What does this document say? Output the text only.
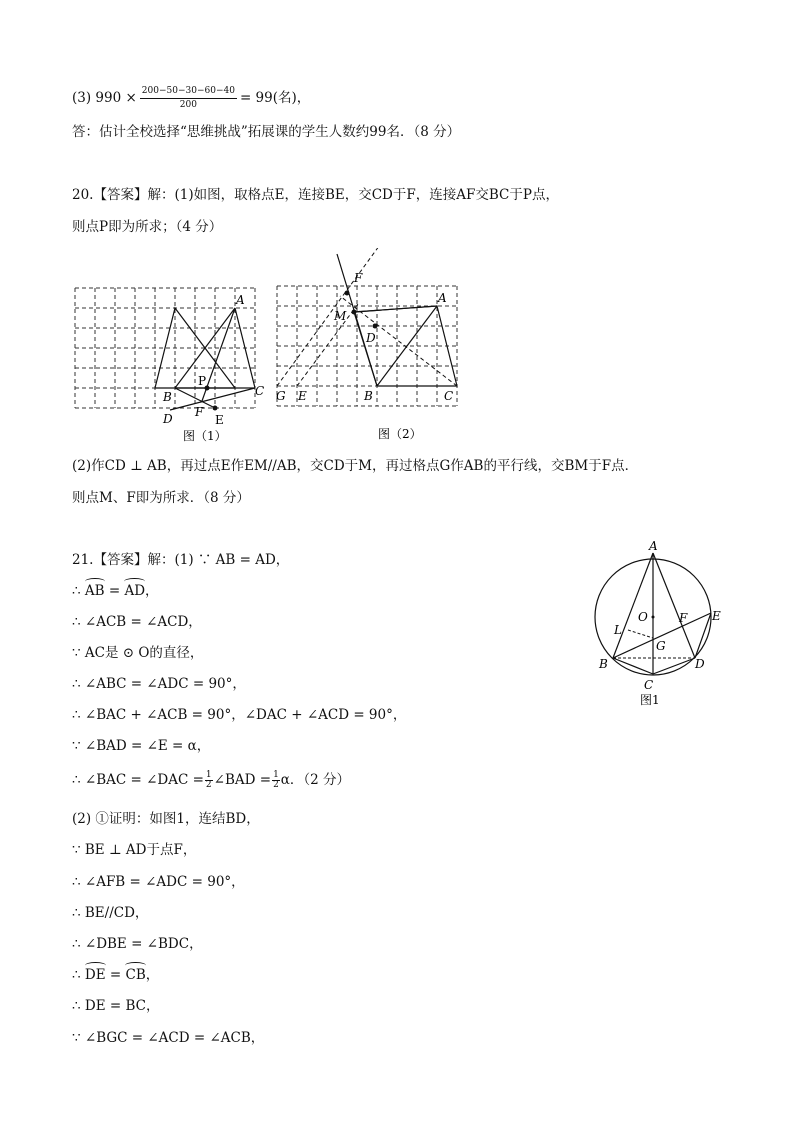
(3) $990 \times \frac{200-50-30-60-40}{200} = 99$(名)，
答：估计全校选择“思维挑战”拓展课的学生人数约99名．（8 分）
20.【答案】解：(1)如图，取格点E，连接BE，交CD于F，连接AF交BC于P点，
则点P即为所求；（4 分）
A
B	C
D	E
F
P
图（1）
A
B	C
D
E
F
G
M
图（2）
(2)作CD ⊥ AB，再过点E作EM//AB，交CD于M，再过格点G作AB的平行线，交BM于F点．
则点M、F即为所求．（8 分）
21.【答案】解：(1) ∵ AB = AD，
∴ AB = AD，
∴ ∠ACB = ∠ACD，
∵ AC是 ⊙ O的直径，
∴ ∠ABC = ∠ADC = 90°，
∴ ∠BAC + ∠ACB = 90°，∠DAC + ∠ACD = 90°，
∵ ∠BAD = ∠E = α，
∴ ∠BAC = ∠DAC = $\frac{1}{2}$ ∠BAD = $\frac{1}{2}$ α．（2 分）
(2) ①证明：如图1，连结BD，
∵ BE ⊥ AD于点F，
∴ ∠AFB = ∠ADC = 90°，
∴ BE//CD，
∴ ∠DBE = ∠BDC，
∴ DE = CB，
∴ DE = BC，
∵ ∠BGC = ∠ACD = ∠ACB，
A
B
C
D
E
F
G
L
O
图1
